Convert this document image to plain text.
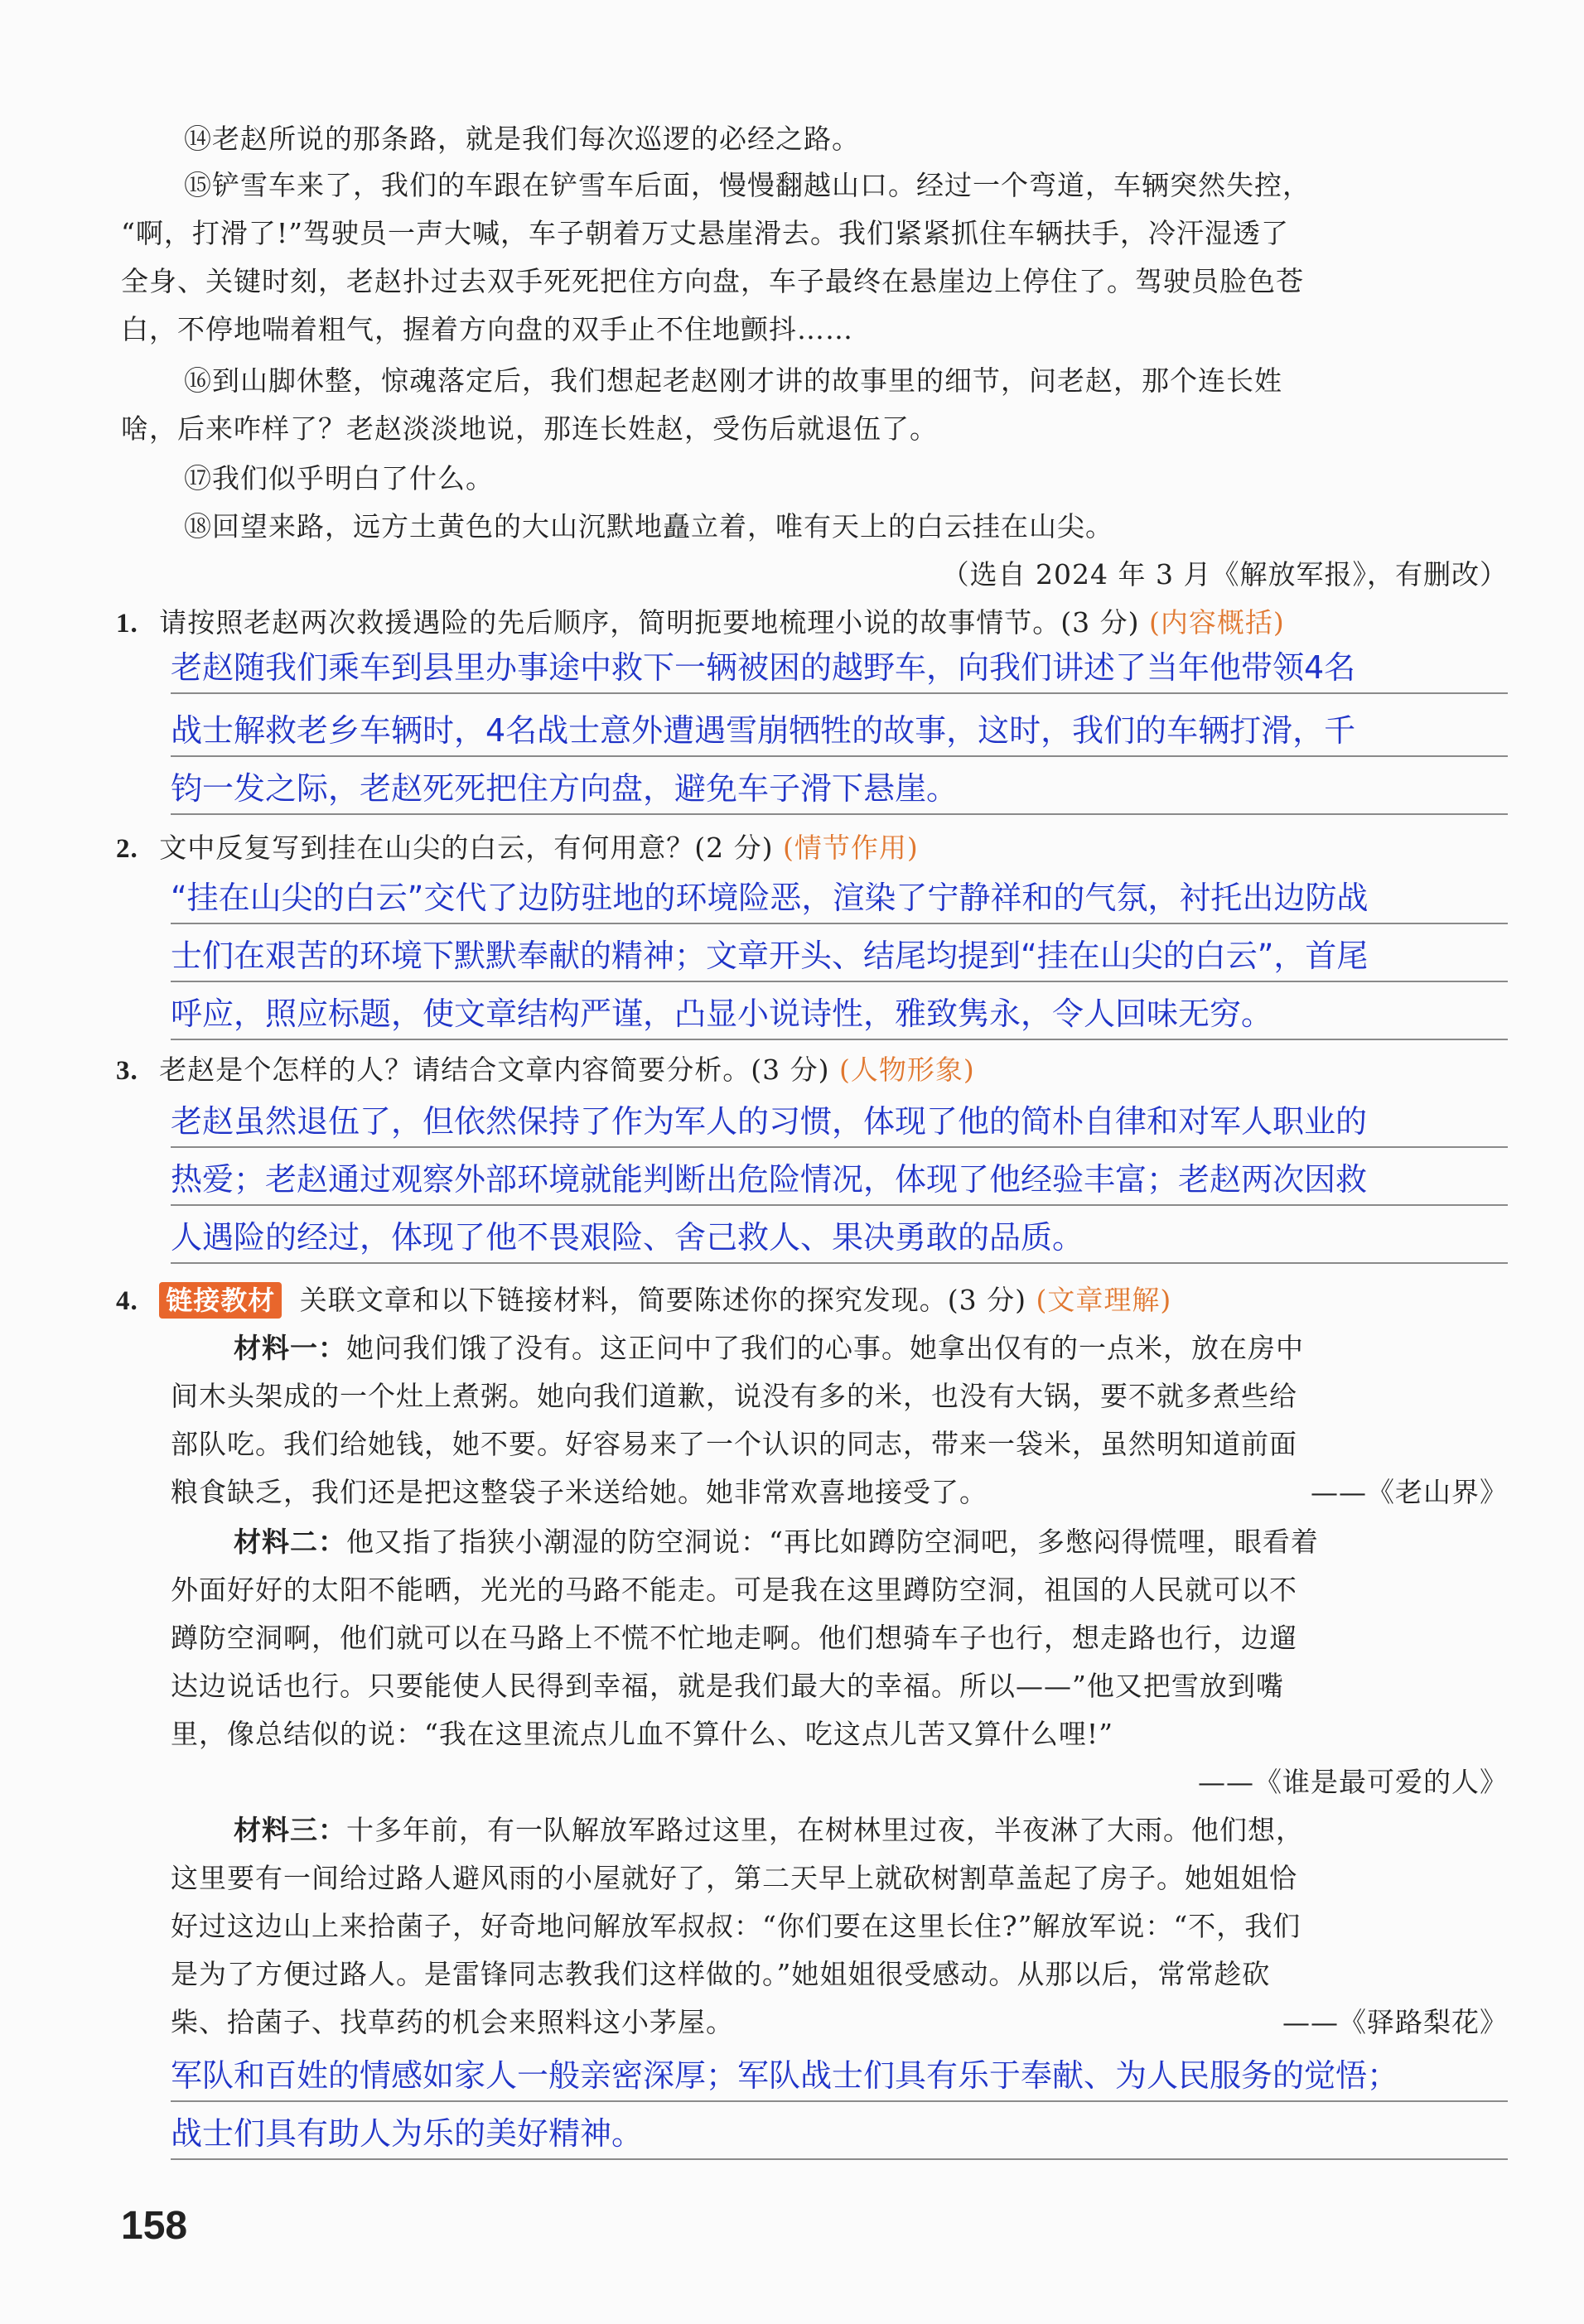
⑭老赵所说的那条路，就是我们每次巡逻的必经之路。
⑮铲雪车来了，我们的车跟在铲雪车后面，慢慢翻越山口。经过一个弯道，车辆突然失控，
“啊，打滑了!”驾驶员一声大喊，车子朝着万丈悬崖滑去。我们紧紧抓住车辆扶手，冷汗湿透了
全身、关键时刻，老赵扑过去双手死死把住方向盘，车子最终在悬崖边上停住了。驾驶员脸色苍
白，不停地喘着粗气，握着方向盘的双手止不住地颤抖……
⑯到山脚休整，惊魂落定后，我们想起老赵刚才讲的故事里的细节，问老赵，那个连长姓
啥，后来咋样了？老赵淡淡地说，那连长姓赵，受伤后就退伍了。
⑰我们似乎明白了什么。
⑱回望来路，远方土黄色的大山沉默地矗立着，唯有天上的白云挂在山尖。
（选自 2024 年 3 月《解放军报》，有删改）
1. 请按照老赵两次救援遇险的先后顺序，简明扼要地梳理小说的故事情节。(3 分) (内容概括)
老赵随我们乘车到县里办事途中救下一辆被困的越野车，向我们讲述了当年他带领4名
战士解救老乡车辆时，4名战士意外遭遇雪崩牺牲的故事，这时，我们的车辆打滑，千
钧一发之际，老赵死死把住方向盘，避免车子滑下悬崖。
2. 文中反复写到挂在山尖的白云，有何用意？(2 分) (情节作用)
“挂在山尖的白云”交代了边防驻地的环境险恶，渲染了宁静祥和的气氛，衬托出边防战
士们在艰苦的环境下默默奉献的精神；文章开头、结尾均提到“挂在山尖的白云”，首尾
呼应，照应标题，使文章结构严谨，凸显小说诗性，雅致隽永，令人回味无穷。
3. 老赵是个怎样的人？请结合文章内容简要分析。(3 分) (人物形象)
老赵虽然退伍了，但依然保持了作为军人的习惯，体现了他的简朴自律和对军人职业的
热爱；老赵通过观察外部环境就能判断出危险情况，体现了他经验丰富；老赵两次因救
人遇险的经过，体现了他不畏艰险、舍己救人、果决勇敢的品质。
4. 链接教材 关联文章和以下链接材料，简要陈述你的探究发现。(3 分) (文章理解)
材料一：她问我们饿了没有。这正问中了我们的心事。她拿出仅有的一点米，放在房中
间木头架成的一个灶上煮粥。她向我们道歉，说没有多的米，也没有大锅，要不就多煮些给
部队吃。我们给她钱，她不要。好容易来了一个认识的同志，带来一袋米，虽然明知道前面
粮食缺乏，我们还是把这整袋子米送给她。她非常欢喜地接受了。	——《老山界》
材料二：他又指了指狭小潮湿的防空洞说：“再比如蹲防空洞吧，多憋闷得慌哩，眼看着
外面好好的太阳不能晒，光光的马路不能走。可是我在这里蹲防空洞，祖国的人民就可以不
蹲防空洞啊，他们就可以在马路上不慌不忙地走啊。他们想骑车子也行，想走路也行，边遛
达边说话也行。只要能使人民得到幸福，就是我们最大的幸福。所以——”他又把雪放到嘴
里，像总结似的说：“我在这里流点儿血不算什么、吃这点儿苦又算什么哩!”
——《谁是最可爱的人》
材料三：十多年前，有一队解放军路过这里，在树林里过夜，半夜淋了大雨。他们想，
这里要有一间给过路人避风雨的小屋就好了，第二天早上就砍树割草盖起了房子。她姐姐恰
好过这边山上来拾菌子，好奇地问解放军叔叔：“你们要在这里长住?”解放军说：“不，我们
是为了方便过路人。是雷锋同志教我们这样做的。”她姐姐很受感动。从那以后，常常趁砍
柴、拾菌子、找草药的机会来照料这小茅屋。	——《驿路梨花》
军队和百姓的情感如家人一般亲密深厚；军队战士们具有乐于奉献、为人民服务的觉悟；
战士们具有助人为乐的美好精神。
158
